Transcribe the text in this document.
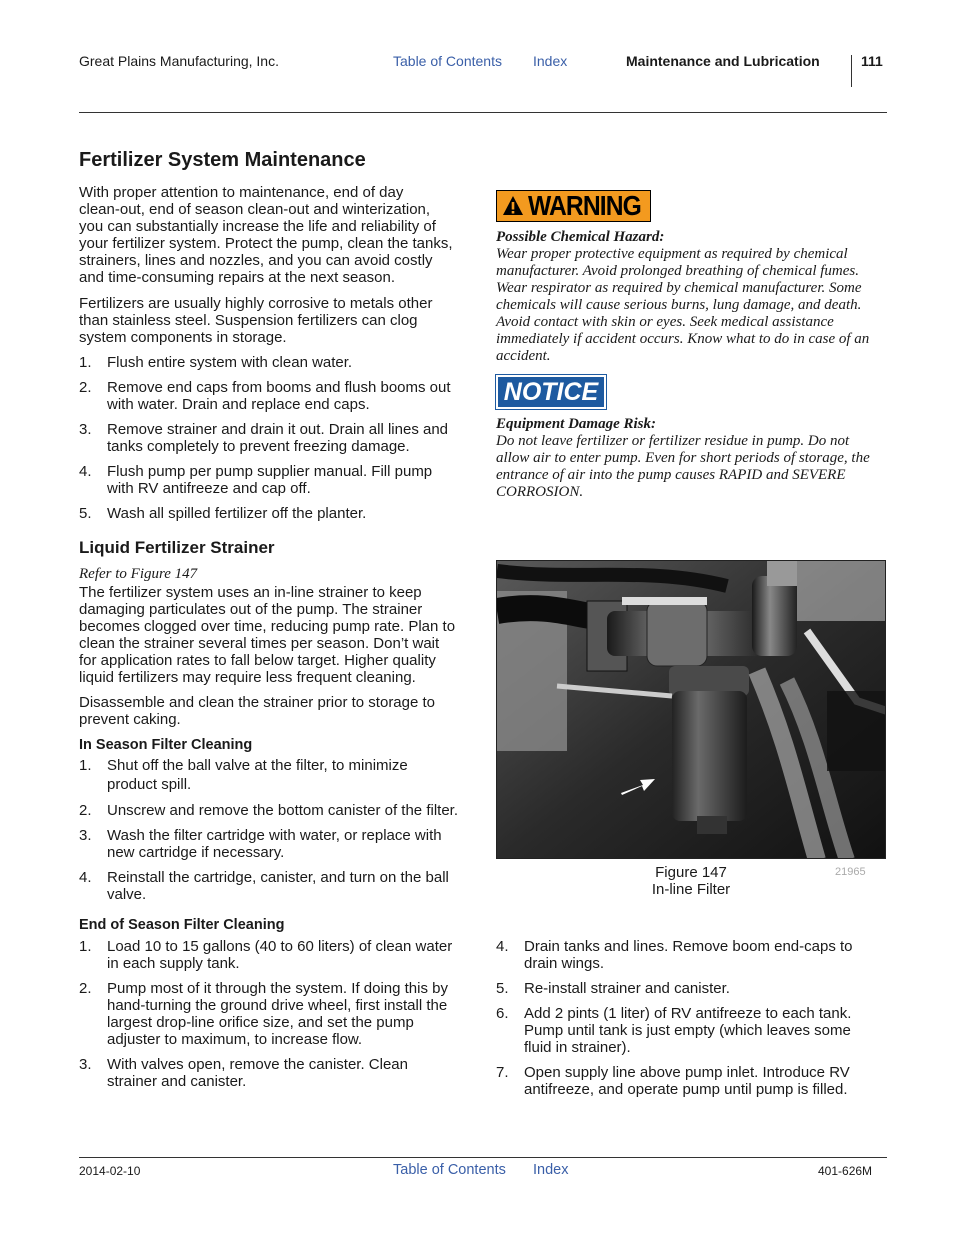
Great Plains Manufacturing, Inc.	Table of Contents Index	Maintenance and Lubrication	111
Fertilizer System Maintenance

With proper attention to maintenance, end of day

clean-out, end of season clean-out and winterization,

you can substantially increase the life and reliability of

your fertilizer system. Protect the pump, clean the tanks,

strainers, lines and nozzles, and you can avoid costly

and time-consuming repairs at the next season.

Fertilizers are usually highly corrosive to metals other

than stainless steel. Suspension fertilizers can clog

system components in storage.

1. Flush entire system with clean water.
2. Remove end caps from booms and flush booms out
with water. Drain and replace end caps.
3. Remove strainer and drain it out. Drain all lines and
tanks completely to prevent freezing damage.
4. Flush pump per pump supplier manual. Fill pump
with RV antifreeze and cap off.
5. Wash all spilled fertilizer off the planter.
Liquid Fertilizer Strainer
Refer to Figure 147

The fertilizer system uses an in-line strainer to keep

damaging particulates out of the pump. The strainer

becomes clogged over time, reducing pump rate. Plan to

clean the strainer several times per season. Don’t wait

for application rates to fall below target. Higher quality

liquid fertilizers may require less frequent cleaning.

Disassemble and clean the strainer prior to storage to

prevent caking.

In Season Filter Cleaning
1. Shut off the ball valve at the filter, to minimize
product spill.
2. Unscrew and remove the bottom canister of the filter.
3. Wash the filter cartridge with water, or replace with
new cartridge if necessary.
4. Reinstall the cartridge, canister, and turn on the ball
valve.
End of Season Filter Cleaning
1. Load 10 to 15 gallons (40 to 60 liters) of clean water
in each supply tank.
2. Pump most of it through the system. If doing this by
hand-turning the ground drive wheel, first install the
largest drop-line orifice size, and set the pump
adjuster to maximum, to increase flow.
3. With valves open, remove the canister. Clean
strainer and canister.
WARNING
Possible Chemical Hazard:
Wear proper protective equipment as required by chemical
manufacturer. Avoid prolonged breathing of chemical fumes.
Wear respirator as required by chemical manufacturer. Some
chemicals will cause serious burns, lung damage, and death.
Avoid contact with skin or eyes. Seek medical assistance
immediately if accident occurs. Know what to do in case of an
accident.
NOTICE
Equipment Damage Risk:
Do not leave fertilizer or fertilizer residue in pump. Do not
allow air to enter pump. Even for short periods of storage, the
entrance of air into the pump causes RAPID and SEVERE
CORROSION.
Figure 147
In-line Filter
21965
4. Drain tanks and lines. Remove boom end-caps to
drain wings.
5. Re-install strainer and canister.
6. Add 2 pints (1 liter) of RV antifreeze to each tank.
Pump until tank is just empty (which leaves some
fluid in strainer).
7. Open supply line above pump inlet. Introduce RV
antifreeze, and operate pump until pump is filled.
2014-02-10	Table of Contents Index	401-626M
